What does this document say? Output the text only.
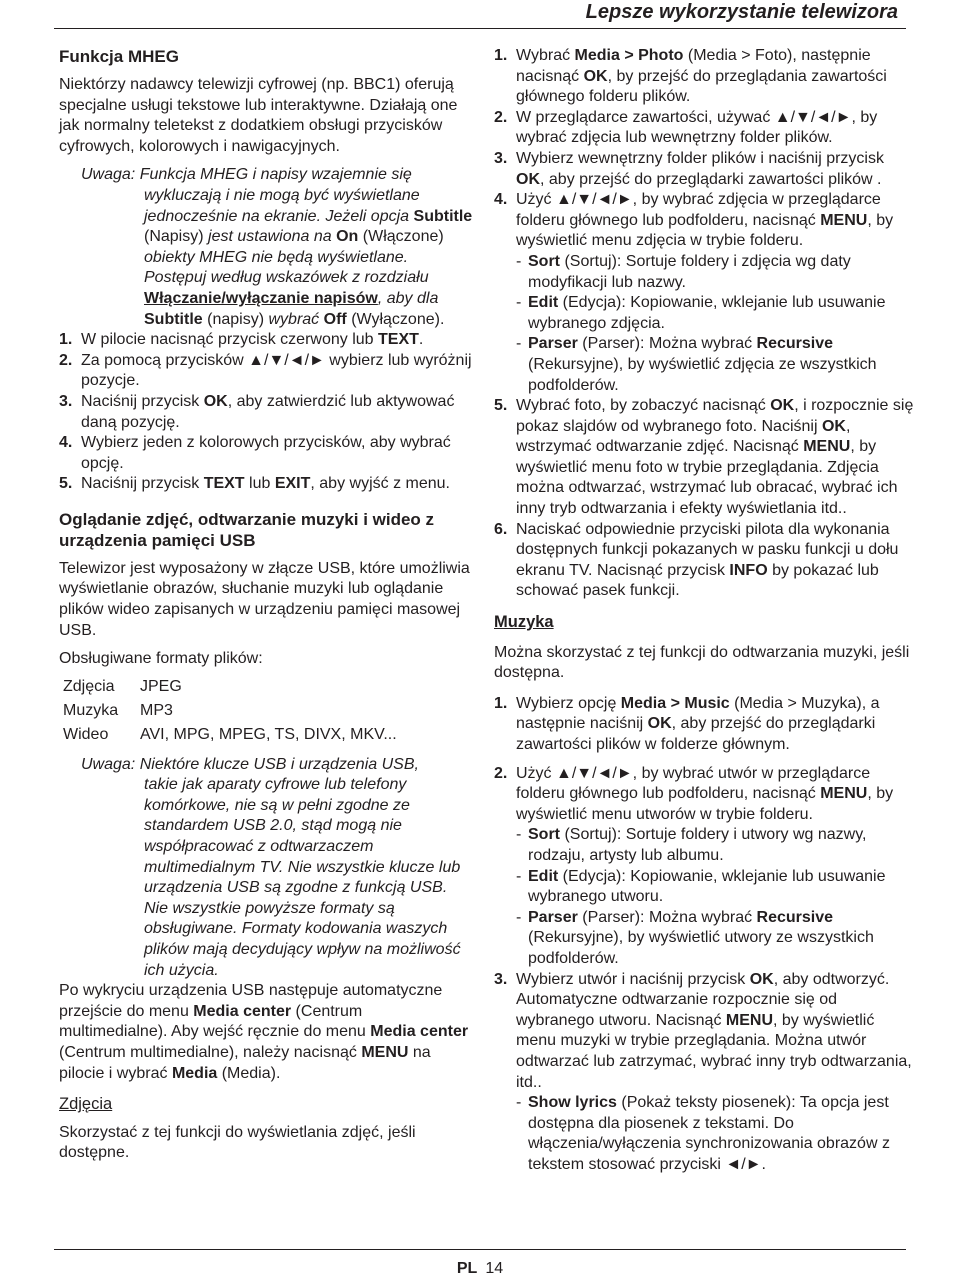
Lepsze wykorzystanie telewizora

Funkcja MHEG

Niektórzy nadawcy telewizji cyfrowej (np. BBC1) oferują specjalne usługi tekstowe lub interaktywne. Działają one jak normalny teletekst z dodatkiem obsługi przycisków cyfrowych, kolorowych i nawigacyjnych.

Uwaga: Funkcja MHEG i napisy wzajemnie się wykluczają i nie mogą być wyświetlane jednocześnie na ekranie. Jeżeli opcja Subtitle (Napisy) jest ustawiona na On (Włączone) obiekty MHEG nie będą wyświetlane. Postępuj według wskazówek z rozdziału Włączanie/wyłączanie napisów, aby dla Subtitle (napisy) wybrać Off (Wyłączone).
1. W pilocie nacisnąć przycisk czerwony lub TEXT.
2. Za pomocą przycisków ▲/▼/◄/► wybierz lub wyróżnij pozycje.
3. Naciśnij przycisk OK, aby zatwierdzić lub aktywować daną pozycję.
4. Wybierz jeden z kolorowych przycisków, aby wybrać opcję.
5. Naciśnij przycisk TEXT lub EXIT, aby wyjść z menu.

Oglądanie zdjęć, odtwarzanie muzyki i wideo z urządzenia pamięci USB

Telewizor jest wyposażony w złącze USB, które umożliwia wyświetlanie obrazów, słuchanie muzyki lub oglądanie plików wideo zapisanych w urządzeniu pamięci masowej USB.

Obsługiwane formaty plików:

Zdjęcia	JPEG
Muzyka	MP3
Wideo	AVI, MPG, MPEG, TS, DIVX, MKV...
Uwaga: Niektóre klucze USB i urządzenia USB,
takie jak aparaty cyfrowe lub telefony komórkowe, nie są w pełni zgodne ze standardem USB 2.0, stąd mogą nie współpracować z odtwarzaczem multimedialnym TV. Nie wszystkie klucze lub urządzenia USB są zgodne z funkcją USB. Nie wszystkie powyższe formaty są obsługiwane. Formaty kodowania waszych plików mają decydujący wpływ na możliwość ich użycia.

Po wykryciu urządzenia USB następuje automatyczne przejście do menu Media center (Centrum multimedialne). Aby wejść ręcznie do menu Media center (Centrum multimedialne), należy nacisnąć MENU na pilocie i wybrać Media (Media).

Zdjęcia

Skorzystać z tej funkcji do wyświetlania zdjęć, jeśli dostępne.

1. Wybrać Media > Photo (Media > Foto), następnie nacisnąć OK, by przejść do przeglądania zawartości głównego folderu plików.
2. W przeglądarce zawartości, używać ▲/▼/◄/►, by wybrać zdjęcia lub wewnętrzny folder plików.
3. Wybierz wewnętrzny folder plików i naciśnij przycisk OK, aby przejść do przeglądarki zawartości plików .
4. Użyć ▲/▼/◄/►, by wybrać zdjęcia w przeglądarce folderu głównego lub podfolderu, nacisnąć MENU, by wyświetlić menu zdjęcia w trybie folderu.
- Sort (Sortuj): Sortuje foldery i zdjęcia wg daty modyfikacji lub nazwy.
- Edit (Edycja): Kopiowanie, wklejanie lub usuwanie wybranego zdjęcia.
- Parser (Parser): Można wybrać Recursive (Rekursyjne), by wyświetlić zdjęcia ze wszystkich podfolderów.
5. Wybrać foto, by zobaczyć nacisnąć OK, i rozpocznie się pokaz slajdów od wybranego foto. Naciśnij OK, wstrzymać odtwarzanie zdjęć. Nacisnąć MENU, by wyświetlić menu foto w trybie przeglądania. Zdjęcia można odtwarzać, wstrzymać lub obracać, wybrać ich inny tryb odtwarzania i efekty wyświetlania itd..
6. Naciskać odpowiednie przyciski pilota dla wykonania dostępnych funkcji pokazanych w pasku funkcji u dołu ekranu TV. Nacisnąć przycisk INFO by pokazać lub schować pasek funkcji.

Muzyka

Można skorzystać z tej funkcji do odtwarzania muzyki, jeśli dostępna.

1. Wybierz opcję Media > Music (Media > Muzyka), a następnie naciśnij OK, aby przejść do przeglądarki zawartości plików w folderze głównym.
2. Użyć ▲/▼/◄/►, by wybrać utwór w przeglądarce folderu głównego lub podfolderu, nacisnąć MENU, by wyświetlić menu utworów w trybie folderu.
- Sort (Sortuj): Sortuje foldery i utwory wg nazwy, rodzaju, artysty lub albumu.
- Edit (Edycja): Kopiowanie, wklejanie lub usuwanie wybranego utworu.
- Parser (Parser): Można wybrać Recursive (Rekursyjne), by wyświetlić utwory ze wszystkich podfolderów.
3. Wybierz utwór i naciśnij przycisk OK, aby odtworzyć. Automatyczne odtwarzanie rozpocznie się od wybranego utworu. Nacisnąć MENU, by wyświetlić menu muzyki w trybie przeglądania. Można utwór odtwarzać lub zatrzymać, wybrać inny tryb odtwarzania, itd..
- Show lyrics (Pokaż teksty piosenek): Ta opcja jest dostępna dla piosenek z tekstami. Do włączenia/wyłączenia synchronizowania obrazów z tekstem stosować przyciski ◄/►.
PL 14
